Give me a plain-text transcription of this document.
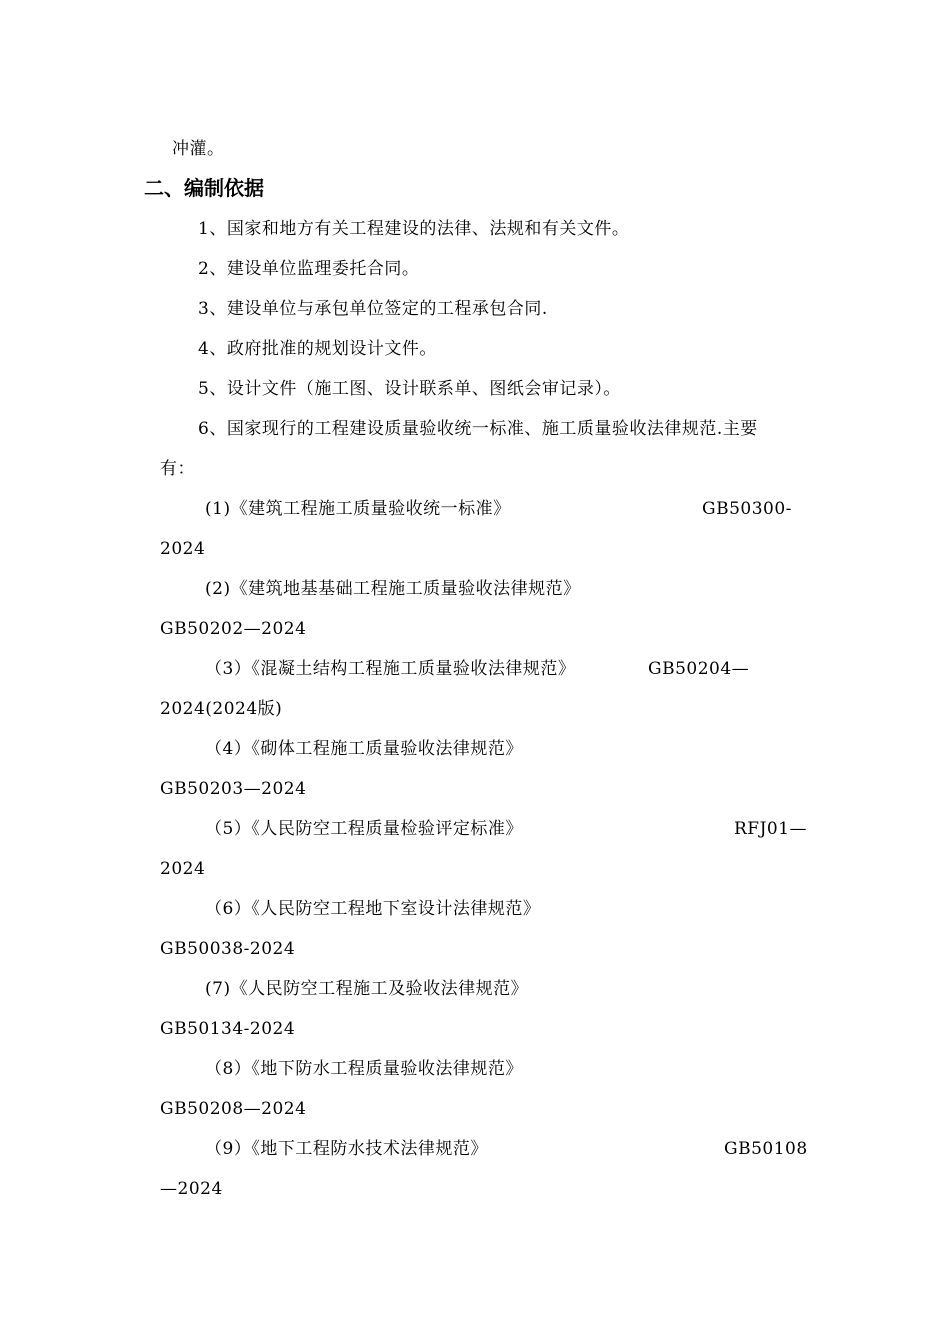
冲灌。
二、编制依据
1、国家和地方有关工程建设的法律、法规和有关文件。
2、建设单位监理委托合同。
3、建设单位与承包单位签定的工程承包合同.
4、政府批准的规划设计文件。
5、设计文件（施工图、设计联系单、图纸会审记录）。
6、国家现行的工程建设质量验收统一标准、施工质量验收法律规范.主要
有：
(1)《建筑工程施工质量验收统一标准》	GB50300-
2024
(2)《建筑地基基础工程施工质量验收法律规范》
GB50202—2024
（3）《混凝土结构工程施工质量验收法律规范》	GB50204—
2024(2024版)
（4）《砌体工程施工质量验收法律规范》
GB50203—2024
（5）《人民防空工程质量检验评定标准》	RFJ01—
2024
（6）《人民防空工程地下室设计法律规范》
GB50038-2024
(7)《人民防空工程施工及验收法律规范》
GB50134-2024
（8）《地下防水工程质量验收法律规范》
GB50208—2024
（9）《地下工程防水技术法律规范》	GB50108
—2024
